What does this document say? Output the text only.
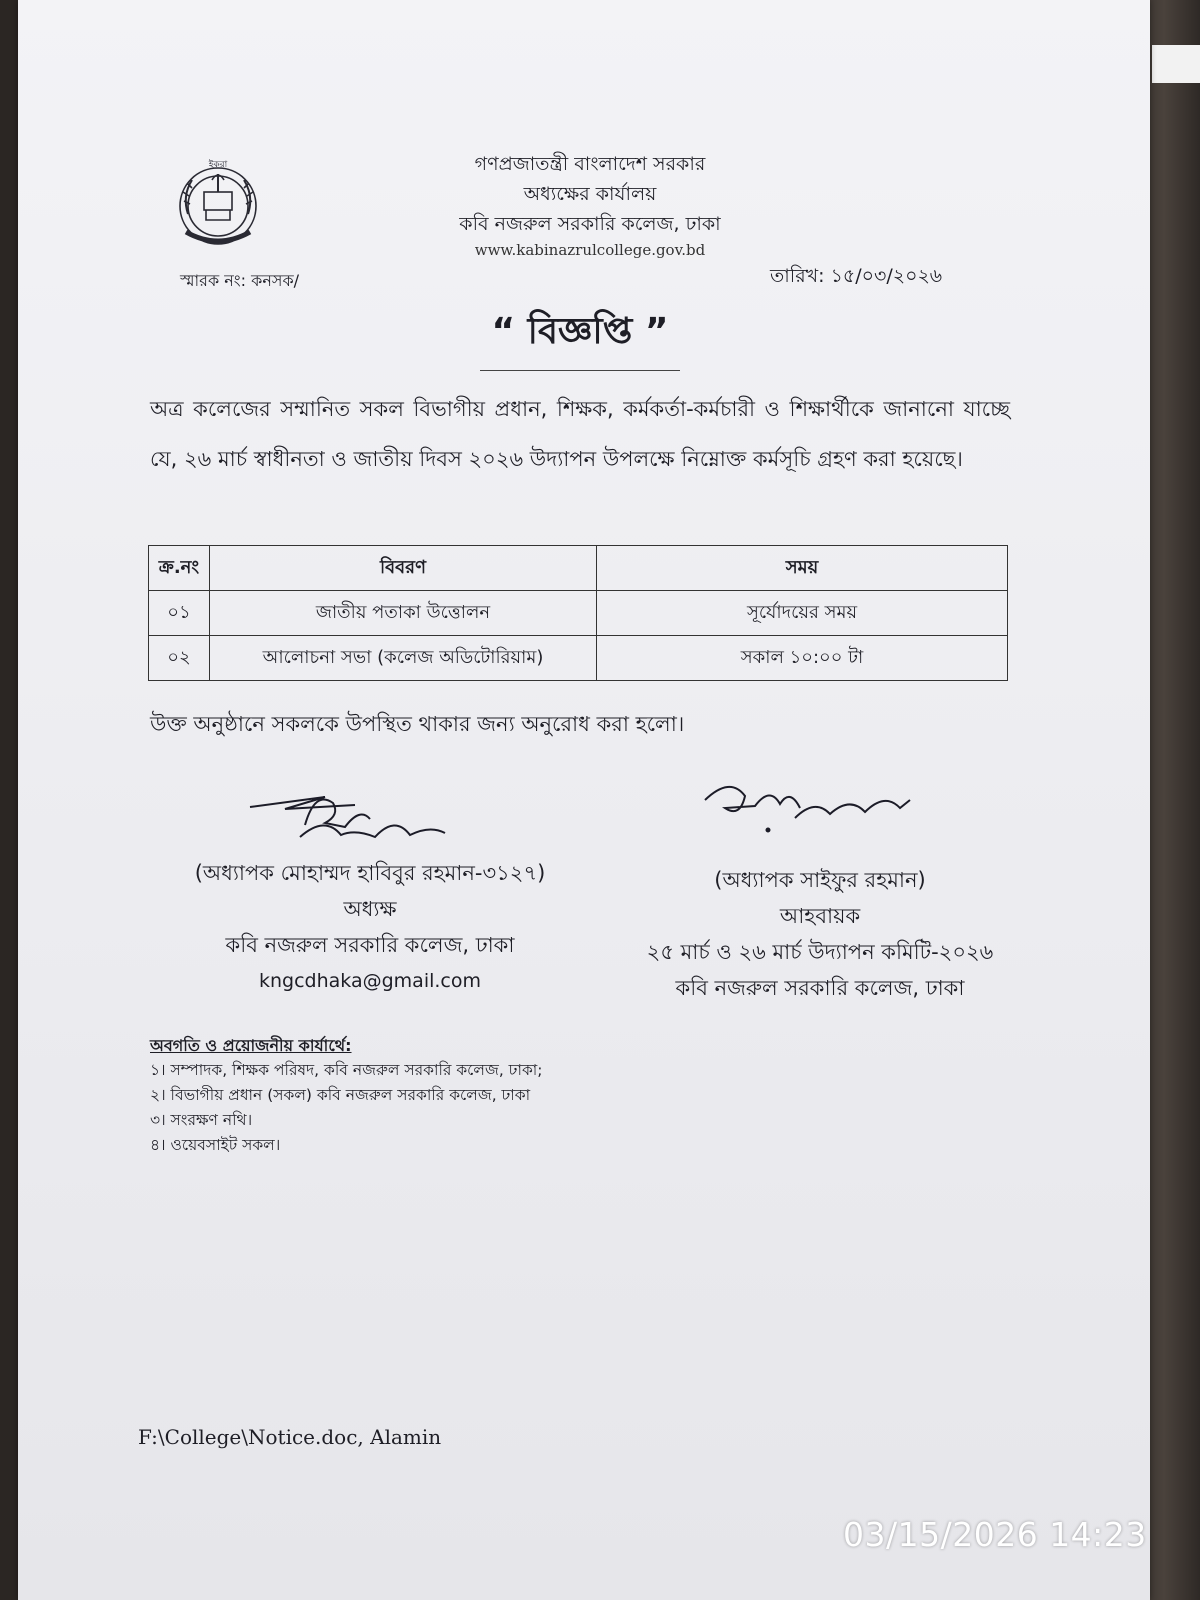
ইকরা	গণপ্রজাতন্ত্রী বাংলাদেশ সরকার
অধ্যক্ষের কার্যালয়
কবি নজরুল সরকারি কলেজ, ঢাকা
www.kabinazrulcollege.gov.bd
স্মারক নং: কনসক/	তারিখ: ১৫/০৩/২০২৬
“ বিজ্ঞপ্তি ”
অত্র কলেজের সম্মানিত সকল বিভাগীয় প্রধান, শিক্ষক, কর্মকর্তা-কর্মচারী ও শিক্ষার্থীকে জানানো যাচ্ছে যে, ২৬ মার্চ স্বাধীনতা ও জাতীয় দিবস ২০২৬ উদ্যাপন উপলক্ষে নিম্নোক্ত কর্মসূচি গ্রহণ করা হয়েছে।
ক্র.নং	বিবরণ	সময়
০১	জাতীয় পতাকা উত্তোলন	সূর্যোদয়ের সময়
০২	আলোচনা সভা (কলেজ অডিটোরিয়াম)	সকাল ১০:০০ টা
উক্ত অনুষ্ঠানে সকলকে উপস্থিত থাকার জন্য অনুরোধ করা হলো।
(অধ্যাপক মোহাম্মদ হাবিবুর রহমান-৩১২৭)
অধ্যক্ষ
কবি নজরুল সরকারি কলেজ, ঢাকা
kngcdhaka@gmail.com
(অধ্যাপক সাইফুর রহমান)
আহবায়ক
২৫ মার্চ ও ২৬ মার্চ উদ্যাপন কমিটি-২০২৬
কবি নজরুল সরকারি কলেজ, ঢাকা
অবগতি ও প্রয়োজনীয় কার্যার্থে:
১। সম্পাদক, শিক্ষক পরিষদ, কবি নজরুল সরকারি কলেজ, ঢাকা;
২। বিভাগীয় প্রধান (সকল) কবি নজরুল সরকারি কলেজ, ঢাকা
৩। সংরক্ষণ নথি।
৪। ওয়েবসাইট সকল।
F:\College\Notice.doc, Alamin
03/15/2026 14:23
